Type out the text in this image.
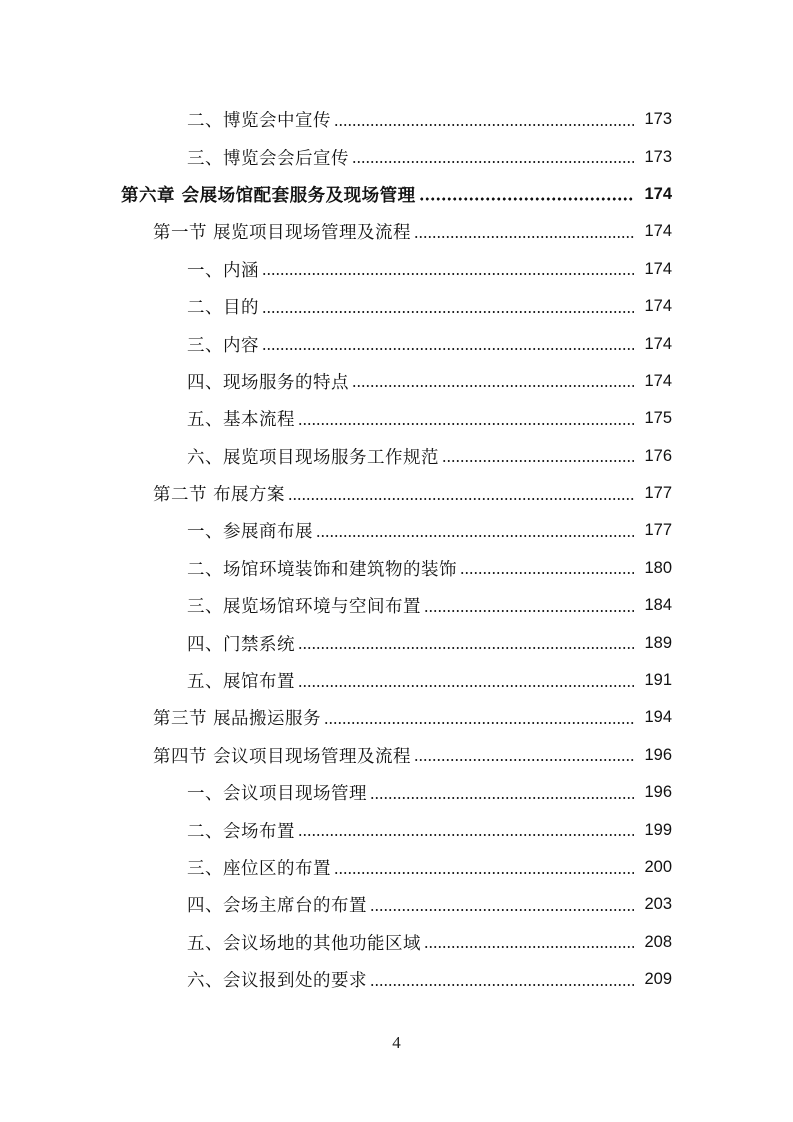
二、博览会中宣传	173
三、博览会会后宣传	173
第六章 会展场馆配套服务及现场管理	174
第一节 展览项目现场管理及流程	174
一、内涵	174
二、目的	174
三、内容	174
四、现场服务的特点	174
五、基本流程	175
六、展览项目现场服务工作规范	176
第二节 布展方案	177
一、参展商布展	177
二、场馆环境装饰和建筑物的装饰	180
三、展览场馆环境与空间布置	184
四、门禁系统	189
五、展馆布置	191
第三节 展品搬运服务	194
第四节 会议项目现场管理及流程	196
一、会议项目现场管理	196
二、会场布置	199
三、座位区的布置	200
四、会场主席台的布置	203
五、会议场地的其他功能区域	208
六、会议报到处的要求	209
4
